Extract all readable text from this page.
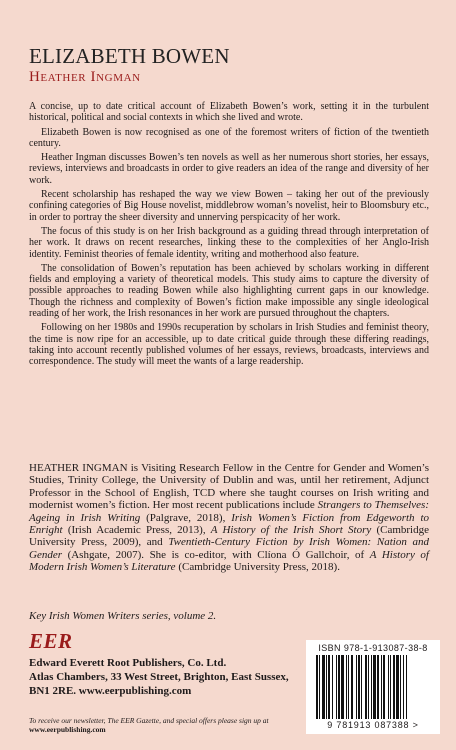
ELIZABETH BOWEN
Heather Ingman

A concise, up to date critical account of Elizabeth Bowen’s work, setting it in the turbulent historical, political and social contexts in which she lived and wrote.

Elizabeth Bowen is now recognised as one of the foremost writers of fiction of the twentieth century.

Heather Ingman discusses Bowen’s ten novels as well as her numerous short stories, her essays, reviews, interviews and broadcasts in order to give readers an idea of the range and diversity of her work.

Recent scholarship has reshaped the way we view Bowen – taking her out of the previously confining categories of Big House novelist, middlebrow woman’s novelist, heir to Bloomsbury etc., in order to portray the sheer diversity and unnerving perspicacity of her work.

The focus of this study is on her Irish background as a guiding thread through interpretation of her work. It draws on recent researches, linking these to the complexities of her Anglo-Irish identity. Feminist theories of female identity, writing and motherhood also feature.

The consolidation of Bowen’s reputation has been achieved by scholars working in different fields and employing a variety of theoretical models. This study aims to capture the diversity of possible approaches to reading Bowen while also highlighting current gaps in our knowledge. Though the richness and complexity of Bowen’s fiction make impossible any single ideological reading of her work, the Irish resonances in her work are pursued throughout the chapters.

Following on her 1980s and 1990s recuperation by scholars in Irish Studies and feminist theory, the time is now ripe for an accessible, up to date critical guide through these differing readings, taking into account recently published volumes of her essays, reviews, broadcasts, interviews and correspondence. The study will meet the wants of a large readership.

HEATHER INGMAN is Visiting Research Fellow in the Centre for Gender and Women’s Studies, Trinity College, the University of Dublin and was, until her retirement, Adjunct Professor in the School of English, TCD where she taught courses on Irish writing and modernist women’s fiction. Her most recent publications include Strangers to Themselves: Ageing in Irish Writing (Palgrave, 2018), Irish Women’s Fiction from Edgeworth to Enright (Irish Academic Press, 2013), A History of the Irish Short Story (Cambridge University Press, 2009), and Twentieth-Century Fiction by Irish Women: Nation and Gender (Ashgate, 2007). She is co-editor, with Clíona Ó Gallchoir, of A History of Modern Irish Women’s Literature (Cambridge University Press, 2018).

Key Irish Women Writers series, volume 2.

EER
Edward Everett Root Publishers, Co. Ltd.
Atlas Chambers, 33 West Street, Brighton, East Sussex,
BN1 2RE. www.eerpublishing.com
To receive our newsletter, The EER Gazette, and special offers please sign up at
www.eerpublishing.com
ISBN 978-1-913087-38-8
9 781913 087388 >
